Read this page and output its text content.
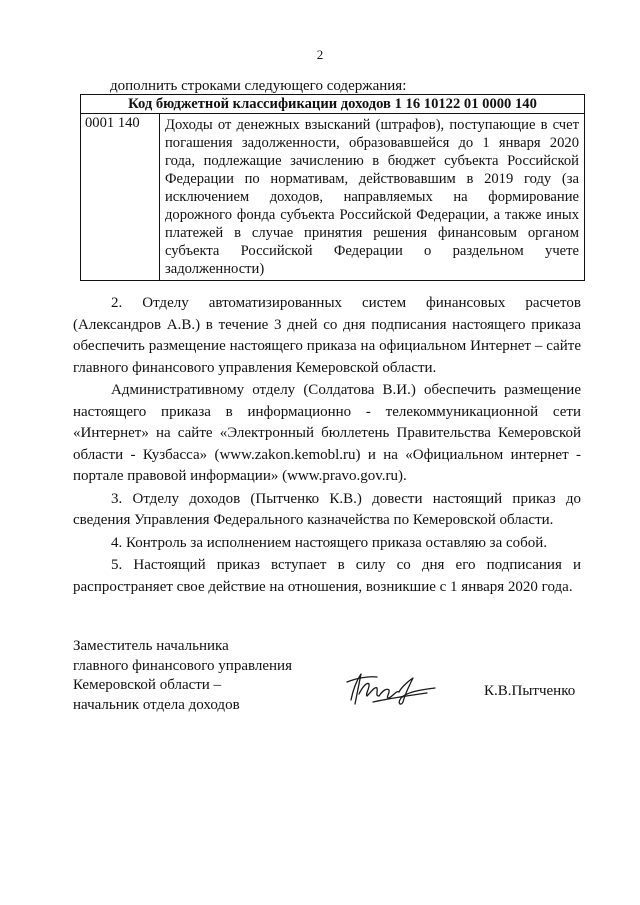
2
дополнить строками следующего содержания:
Код бюджетной классификации доходов 1 16 10122 01 0000 140
0001 140	Доходы от денежных взысканий (штрафов), поступающие в счет погашения задолженности, образовавшейся до 1 января 2020 года, подлежащие зачислению в бюджет субъекта Российской Федерации по нормативам, действовавшим в 2019 году (за исключением доходов, направляемых на формирование дорожного фонда субъекта Российской Федерации, а также иных платежей в случае принятия решения финансовым органом субъекта Российской Федерации о раздельном учете задолженности)

2. Отделу автоматизированных систем финансовых расчетов (Александров А.В.) в течение 3 дней со дня подписания настоящего приказа обеспечить размещение настоящего приказа на официальном Интернет – сайте главного финансового управления Кемеровской области.

Административному отделу (Солдатова В.И.) обеспечить размещение настоящего приказа в информационно - телекоммуникационной сети «Интернет» на сайте «Электронный бюллетень Правительства Кемеровской области - Кузбасса» (www.zakon.kemobl.ru) и на «Официальном интернет - портале правовой информации» (www.pravo.gov.ru).

3. Отделу доходов (Пытченко К.В.) довести настоящий приказ до сведения Управления Федерального казначейства по Кемеровской области.

4. Контроль за исполнением настоящего приказа оставляю за собой.

5. Настоящий приказ вступает в силу со дня его подписания и распространяет свое действие на отношения, возникшие с 1 января 2020 года.

Заместитель начальника
главного финансового управления
Кемеровской области –
начальник отдела доходов
К.В.Пытченко
